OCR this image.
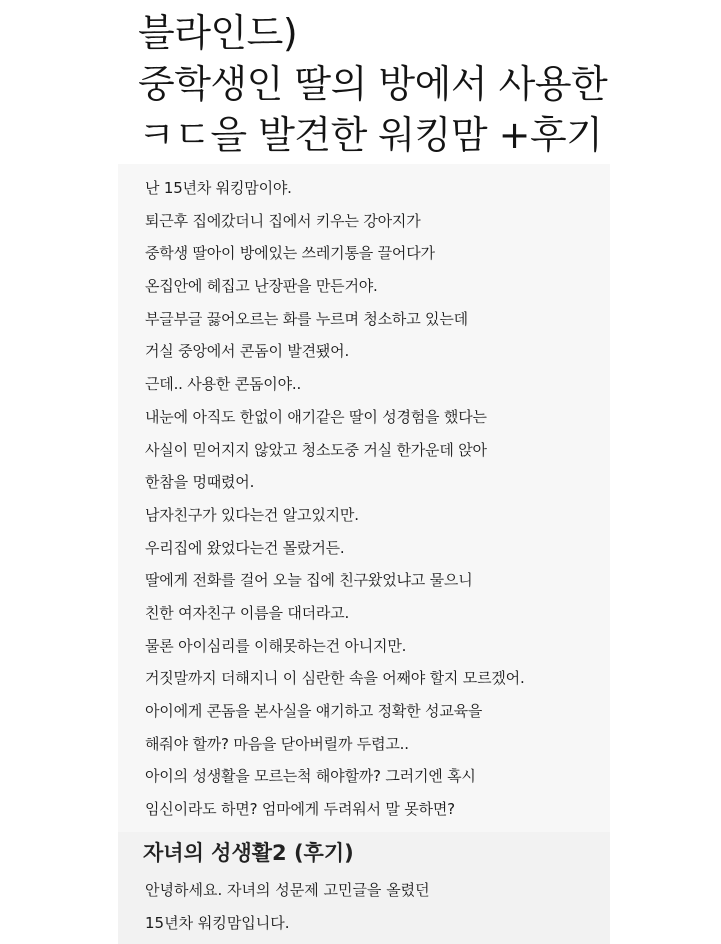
블라인드)
중학생인 딸의 방에서 사용한
ㅋㄷ을 발견한 워킹맘 +후기
난 15년차 워킹맘이야.
퇴근후 집에갔더니 집에서 키우는 강아지가
중학생 딸아이 방에있는 쓰레기통을 끌어다가
온집안에 헤집고 난장판을 만든거야.
부글부글 끓어오르는 화를 누르며 청소하고 있는데
거실 중앙에서 콘돔이 발견됐어.
근데.. 사용한 콘돔이야..
내눈에 아직도 한없이 애기같은 딸이 성경험을 했다는
사실이 믿어지지 않았고 청소도중 거실 한가운데 앉아
한참을 멍때렸어.
남자친구가 있다는건 알고있지만.
우리집에 왔었다는건 몰랐거든.
딸에게 전화를 걸어 오늘 집에 친구왔었냐고 물으니
친한 여자친구 이름을 대더라고.
물론 아이심리를 이해못하는건 아니지만.
거짓말까지 더해지니 이 심란한 속을 어째야 할지 모르겠어.
아이에게 콘돔을 본사실을 얘기하고 정확한 성교육을
해줘야 할까? 마음을 닫아버릴까 두렵고..
아이의 성생활을 모르는척 해야할까? 그러기엔 혹시
임신이라도 하면? 엄마에게 두려워서 말 못하면?
자녀의 성생활2 (후기)
안녕하세요. 자녀의 성문제 고민글을 올렸던
15년차 워킹맘입니다.
